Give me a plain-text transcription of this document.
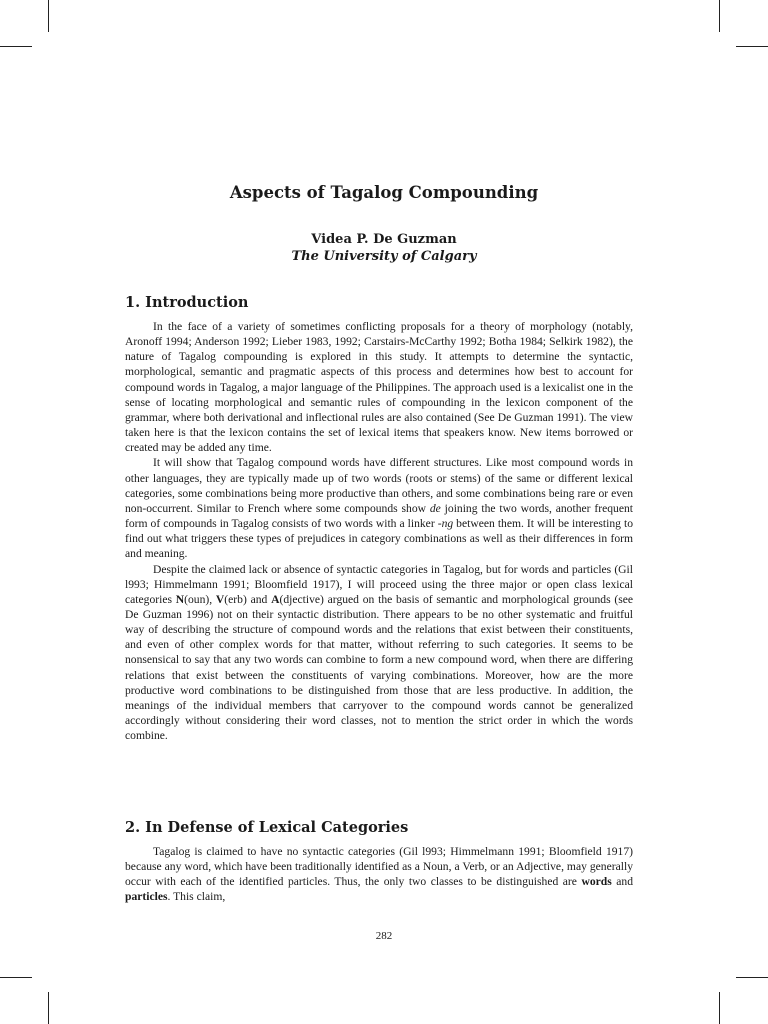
Aspects of Tagalog Compounding
Videa P. De Guzman
The University of Calgary
1. Introduction

In the face of a variety of sometimes conflicting proposals for a theory of morphology (notably, Aronoff 1994; Anderson 1992; Lieber 1983, 1992; Carstairs-McCarthy 1992; Botha 1984; Selkirk 1982), the nature of Tagalog compounding is explored in this study. It attempts to determine the syntactic, morphological, semantic and pragmatic aspects of this process and determines how best to account for compound words in Tagalog, a major language of the Philippines. The approach used is a lexicalist one in the sense of locating morphological and semantic rules of compounding in the lexicon component of the grammar, where both derivational and inflectional rules are also contained (See De Guzman 1991). The view taken here is that the lexicon contains the set of lexical items that speakers know. New items borrowed or created may be added any time.

It will show that Tagalog compound words have different structures. Like most compound words in other languages, they are typically made up of two words (roots or stems) of the same or different lexical categories, some combinations being more productive than others, and some combinations being rare or even non-occurrent. Similar to French where some compounds show de joining the two words, another frequent form of compounds in Tagalog consists of two words with a linker -ng between them. It will be interesting to find out what triggers these types of prejudices in category combinations as well as their differences in form and meaning.

Despite the claimed lack or absence of syntactic categories in Tagalog, but for words and particles (Gil l993; Himmelmann 1991; Bloomfield 1917), I will proceed using the three major or open class lexical categories N(oun), V(erb) and A(djective) argued on the basis of semantic and morphological grounds (see De Guzman 1996) not on their syntactic distribution. There appears to be no other systematic and fruitful way of describing the structure of compound words and the relations that exist between their constituents, and even of other complex words for that matter, without referring to such categories. It seems to be nonsensical to say that any two words can combine to form a new compound word, when there are differing relations that exist between the constituents of varying combinations. Moreover, how are the more productive word combinations to be distinguished from those that are less productive. In addition, the meanings of the individual members that carryover to the compound words cannot be generalized accordingly without considering their word classes, not to mention the strict order in which the words combine.

2. In Defense of Lexical Categories

Tagalog is claimed to have no syntactic categories (Gil l993; Himmelmann 1991; Bloomfield 1917) because any word, which have been traditionally identified as a Noun, a Verb, or an Adjective, may generally occur with each of the identified particles. Thus, the only two classes to be distinguished are words and particles. This claim,

282
